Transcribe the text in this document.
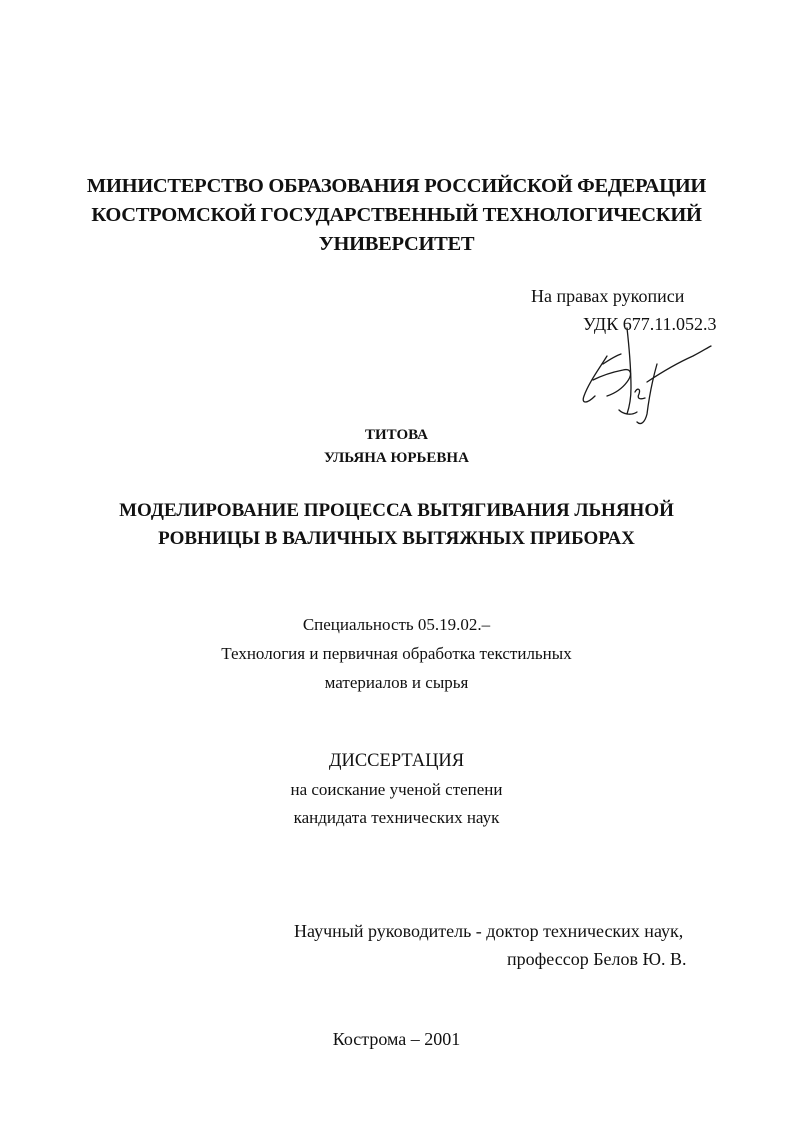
МИНИСТЕРСТВО ОБРАЗОВАНИЯ РОССИЙСКОЙ ФЕДЕРАЦИИ
КОСТРОМСКОЙ ГОСУДАРСТВЕННЫЙ ТЕХНОЛОГИЧЕСКИЙ
УНИВЕРСИТЕТ
На правах рукописи
УДК 677.11.052.3
ТИТОВА
УЛЬЯНА ЮРЬЕВНА
МОДЕЛИРОВАНИЕ ПРОЦЕССА ВЫТЯГИВАНИЯ ЛЬНЯНОЙ
РОВНИЦЫ В ВАЛИЧНЫХ ВЫТЯЖНЫХ ПРИБОРАХ
Специальность 05.19.02.–
Технология и первичная обработка текстильных
материалов и сырья
ДИССЕРТАЦИЯ
на соискание ученой степени
кандидата технических наук
Научный руководитель - доктор технических наук,
профессор Белов Ю. В.
Кострома – 2001
